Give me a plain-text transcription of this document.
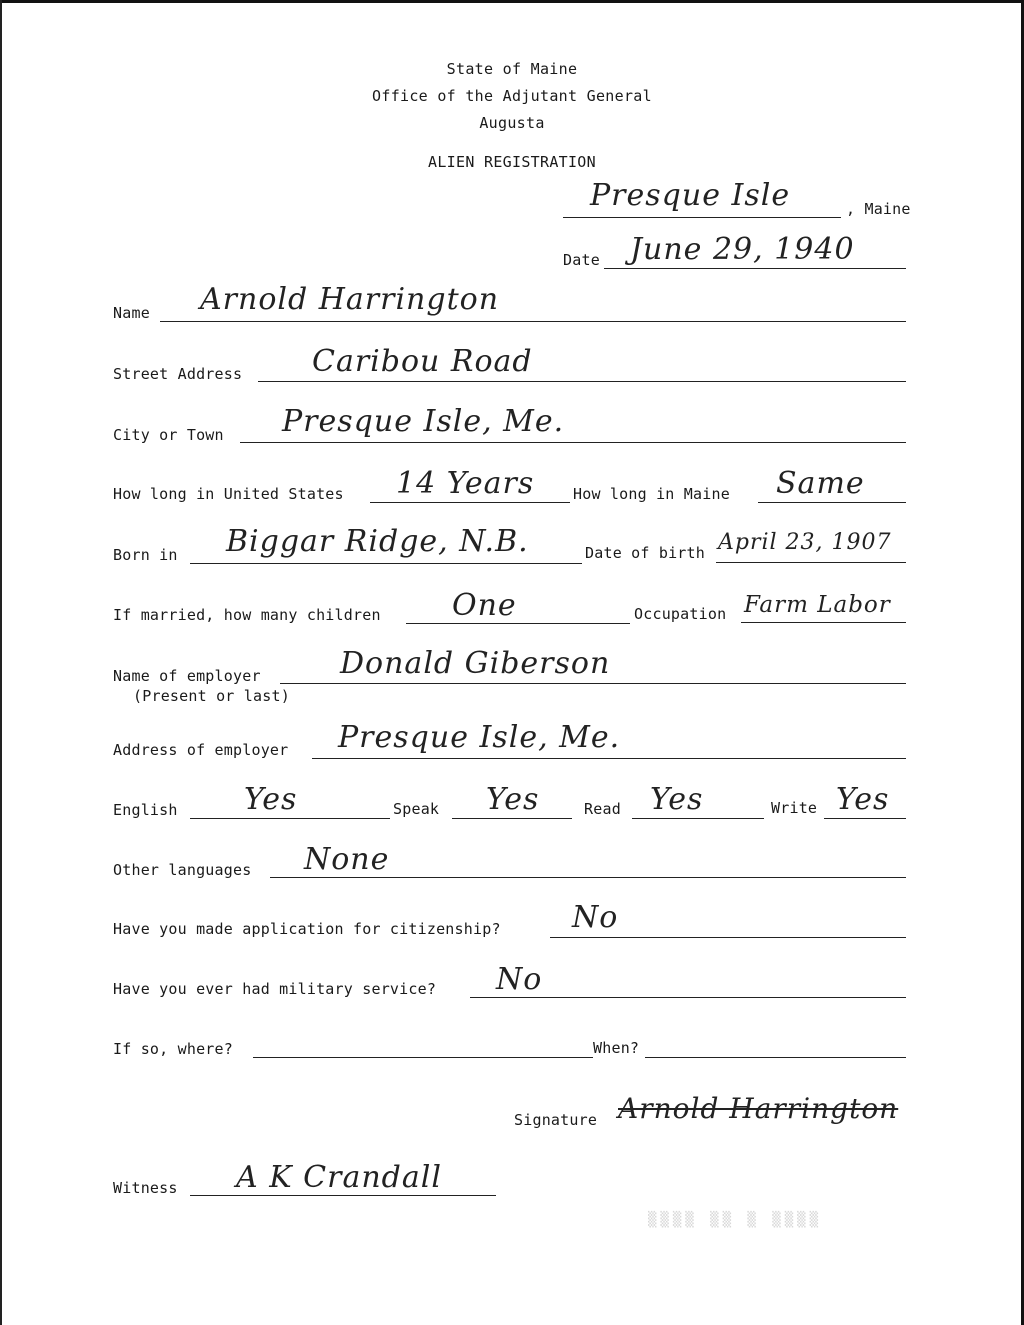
State of Maine
Office of the Adjutant General
Augusta
ALIEN REGISTRATION
Presque Isle	, Maine
Date June 29, 1940
Name Arnold Harrington
Street Address Caribou Road
City or Town Presque Isle, Me.
How long in United States 14 Years	How long in Maine Same
Born in Biggar Ridge, N.B.	Date of birth April 23, 1907
If married, how many children One	Occupation Farm Labor
Name of employer
(Present or last)
Donald Giberson
Address of employer Presque Isle, Me.
English Yes	Speak Yes	Read Yes	Write Yes
Other languages None
Have you made application for citizenship? No
Have you ever had military service? No
If so, where?	When?
Signature Arnold Harrington
Witness A K Crandall
▒▒▒▒ ▒▒ ▒ ▒▒▒▒
